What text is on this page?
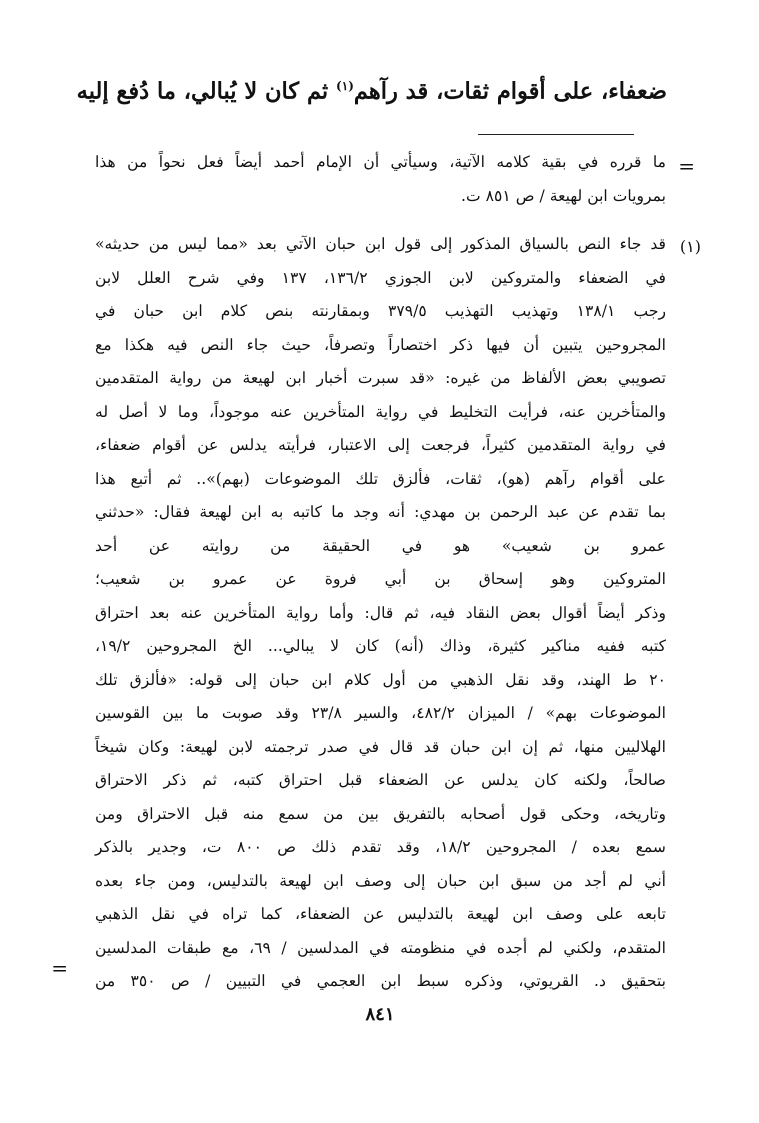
ضعفاء، على أقوام ثقات، قد رآهم$^{(١)}$ ثم كان لا يُبالي، ما دُفع إليه
=
ما قرره في بقية كلامه الآتية، وسيأتي أن الإمام أحمد أيضاً فعل نحواً من هذا
بمرويات ابن لهيعة / ص ٨٥١ ت.
(١)
قد جاء النص بالسياق المذكور إلى قول ابن حبان الآتي بعد «مما ليس من حديثه»
في الضعفاء والمتروكين لابن الجوزي ١٣٦/٢، ١٣٧ وفي شرح العلل لابن
رجب ١٣٨/١ وتهذيب التهذيب ٣٧٩/٥ وبمقارنته بنص كلام ابن حبان في
المجروحين يتبين أن فيها ذكر اختصاراً وتصرفاً، حيث جاء النص فيه هكذا مع
تصويبي بعض الألفاظ من غيره: «قد سبرت أخبار ابن لهيعة من رواية المتقدمين
والمتأخرين عنه، فرأيت التخليط في رواية المتأخرين عنه موجوداً، وما لا أصل له
في رواية المتقدمين كثيراً، فرجعت إلى الاعتبار، فرأيته يدلس عن أقوام ضعفاء،
على أقوام رآهم (هو)، ثقات، فألزق تلك الموضوعات (بهم)».. ثم أتبع هذا
بما تقدم عن عبد الرحمن بن مهدي: أنه وجد ما كاتبه به ابن لهيعة فقال: «حدثني
عمرو بن شعيب» هو في الحقيقة من روايته عن أحد
المتروكين وهو إسحاق بن أبي فروة عن عمرو بن شعيب؛
وذكر أيضاً أقوال بعض النقاد فيه، ثم قال: وأما رواية المتأخرين عنه بعد احتراق
كتبه ففيه مناكير كثيرة، وذاك (أنه) كان لا يبالي... الخ المجروحين ١٩/٢،
٢٠ ط الهند، وقد نقل الذهبي من أول كلام ابن حبان إلى قوله: «فألزق تلك
الموضوعات بهم» / الميزان ٤٨٢/٢، والسير ٢٣/٨ وقد صوبت ما بين القوسين
الهلاليين منها، ثم إن ابن حبان قد قال في صدر ترجمته لابن لهيعة: وكان شيخاً
صالحاً، ولكنه كان يدلس عن الضعفاء قبل احتراق كتبه، ثم ذكر الاحتراق
وتاريخه، وحكى قول أصحابه بالتفريق بين من سمع منه قبل الاحتراق ومن
سمع بعده / المجروحين ١٨/٢، وقد تقدم ذلك ص ٨٠٠ ت، وجدير بالذكر
أني لم أجد من سبق ابن حبان إلى وصف ابن لهيعة بالتدليس، ومن جاء بعده
تابعه على وصف ابن لهيعة بالتدليس عن الضعفاء، كما تراه في نقل الذهبي
المتقدم، ولكني لم أجده في منظومته في المدلسين / ٦٩، مع طبقات المدلسين
بتحقيق د. القريوتي، وذكره سبط ابن العجمي في التبيين / ص ٣٥٠ من
=
٨٤١
